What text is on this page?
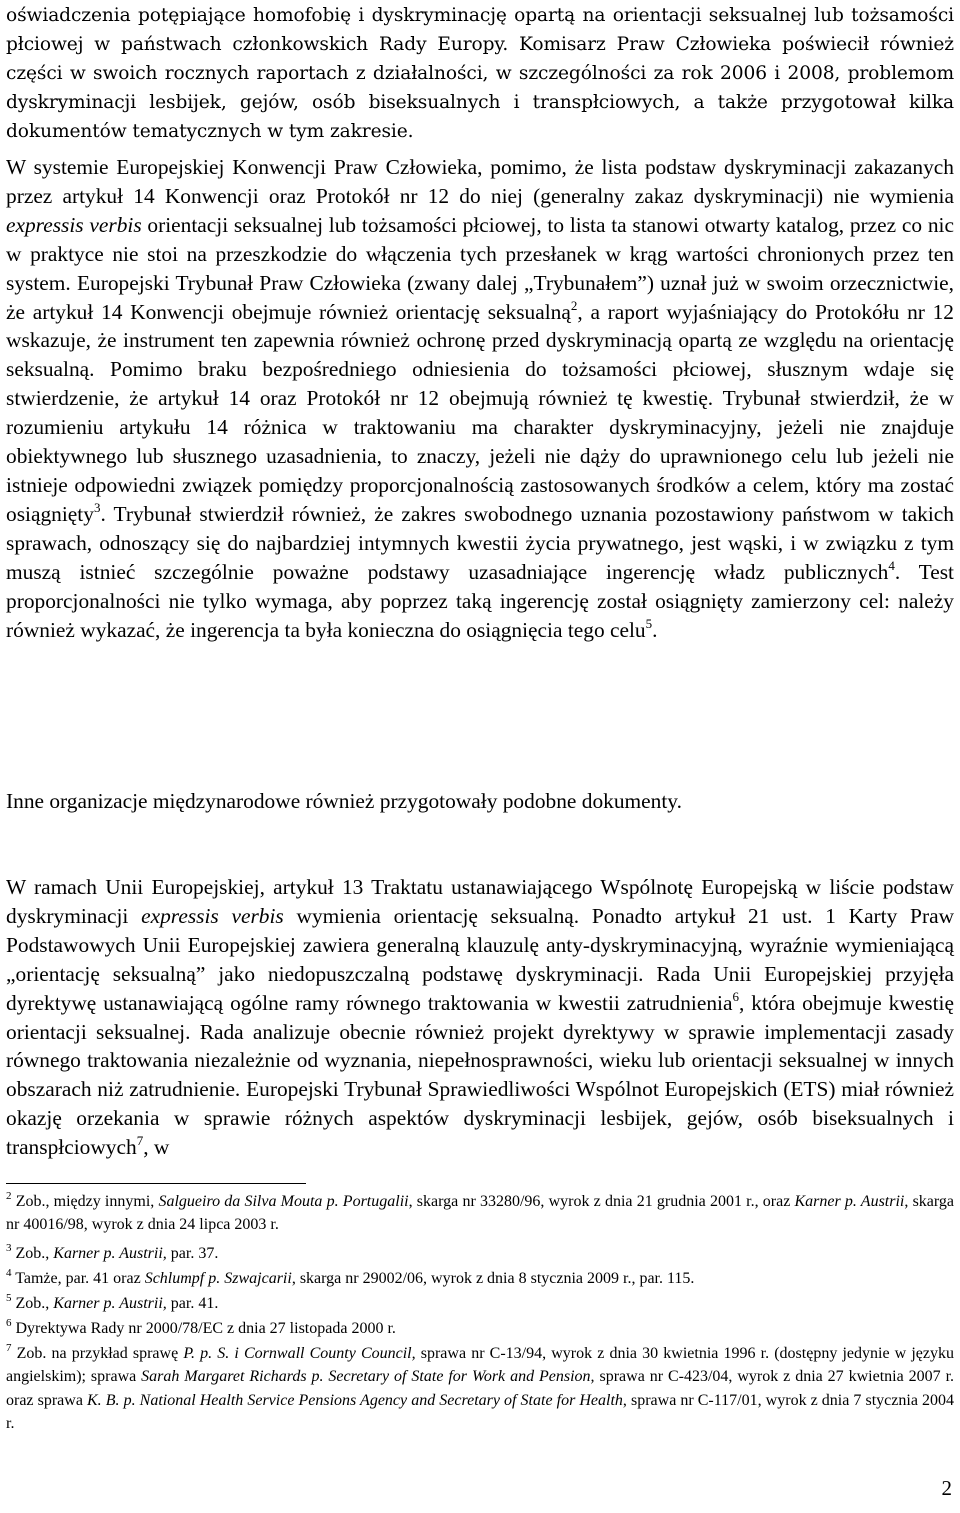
oświadczenia potępiające homofobię i dyskryminację opartą na orientacji seksualnej lub tożsamości płciowej w państwach członkowskich Rady Europy. Komisarz Praw Człowieka poświecił również części w swoich rocznych raportach z działalności, w szczególności za rok 2006 i 2008, problemom dyskryminacji lesbijek, gejów, osób biseksualnych i transpłciowych, a także przygotował kilka dokumentów tematycznych w tym zakresie.

W systemie Europejskiej Konwencji Praw Człowieka, pomimo, że lista podstaw dyskryminacji zakazanych przez artykuł 14 Konwencji oraz Protokół nr 12 do niej (generalny zakaz dyskryminacji) nie wymienia expressis verbis orientacji seksualnej lub tożsamości płciowej, to lista ta stanowi otwarty katalog, przez co nic w praktyce nie stoi na przeszkodzie do włączenia tych przesłanek w krąg wartości chronionych przez ten system. Europejski Trybunał Praw Człowieka (zwany dalej „Trybunałem”) uznał już w swoim orzecznictwie, że artykuł 14 Konwencji obejmuje również orientację seksualną$^2$, a raport wyjaśniający do Protokółu nr 12 wskazuje, że instrument ten zapewnia również ochronę przed dyskryminacją opartą ze względu na orientację seksualną. Pomimo braku bezpośredniego odniesienia do tożsamości płciowej, słusznym wdaje się stwierdzenie, że artykuł 14 oraz Protokół nr 12 obejmują również tę kwestię. Trybunał stwierdził, że w rozumieniu artykułu 14 różnica w traktowaniu ma charakter dyskryminacyjny, jeżeli nie znajduje obiektywnego lub słusznego uzasadnienia, to znaczy, jeżeli nie dąży do uprawnionego celu lub jeżeli nie istnieje odpowiedni związek pomiędzy proporcjonalnością zastosowanych środków a celem, który ma zostać osiągnięty$^3$. Trybunał stwierdził również, że zakres swobodnego uznania pozostawiony państwom w takich sprawach, odnoszący się do najbardziej intymnych kwestii życia prywatnego, jest wąski, i w związku z tym muszą istnieć szczególnie poważne podstawy uzasadniające ingerencję władz publicznych$^4$. Test proporcjonalności nie tylko wymaga, aby poprzez taką ingerencję został osiągnięty zamierzony cel: należy również wykazać, że ingerencja ta była konieczna do osiągnięcia tego celu$^5$.

Inne organizacje międzynarodowe również przygotowały podobne dokumenty.

W ramach Unii Europejskiej, artykuł 13 Traktatu ustanawiającego Wspólnotę Europejską w liście podstaw dyskryminacji expressis verbis wymienia orientację seksualną. Ponadto artykuł 21 ust. 1 Karty Praw Podstawowych Unii Europejskiej zawiera generalną klauzulę anty-dyskryminacyjną, wyraźnie wymieniającą „orientację seksualną” jako niedopuszczalną podstawę dyskryminacji. Rada Unii Europejskiej przyjęła dyrektywę ustanawiającą ogólne ramy równego traktowania w kwestii zatrudnienia$^6$, która obejmuje kwestię orientacji seksualnej. Rada analizuje obecnie również projekt dyrektywy w sprawie implementacji zasady równego traktowania niezależnie od wyznania, niepełnosprawności, wieku lub orientacji seksualnej w innych obszarach niż zatrudnienie. Europejski Trybunał Sprawiedliwości Wspólnot Europejskich (ETS) miał również okazję orzekania w sprawie różnych aspektów dyskryminacji lesbijek, gejów, osób biseksualnych i transpłciowych$^7$, w

$^2$ Zob., między innymi, Salgueiro da Silva Mouta p. Portugalii, skarga nr 33280/96, wyrok z dnia 21 grudnia 2001 r., oraz Karner p. Austrii, skarga nr 40016/98, wyrok z dnia 24 lipca 2003 r.

$^3$ Zob., Karner p. Austrii, par. 37.

$^4$ Tamże, par. 41 oraz Schlumpf p. Szwajcarii, skarga nr 29002/06, wyrok z dnia 8 stycznia 2009 r., par. 115.

$^5$ Zob., Karner p. Austrii, par. 41.

$^6$ Dyrektywa Rady nr 2000/78/EC z dnia 27 listopada 2000 r.

$^7$ Zob. na przykład sprawę P. p. S. i Cornwall County Council, sprawa nr C-13/94, wyrok z dnia 30 kwietnia 1996 r. (dostępny jedynie w języku angielskim); sprawa Sarah Margaret Richards p. Secretary of State for Work and Pension, sprawa nr C-423/04, wyrok z dnia 27 kwietnia 2007 r. oraz sprawa K. B. p. National Health Service Pensions Agency and Secretary of State for Health, sprawa nr C-117/01, wyrok z dnia 7 stycznia 2004 r.

2
